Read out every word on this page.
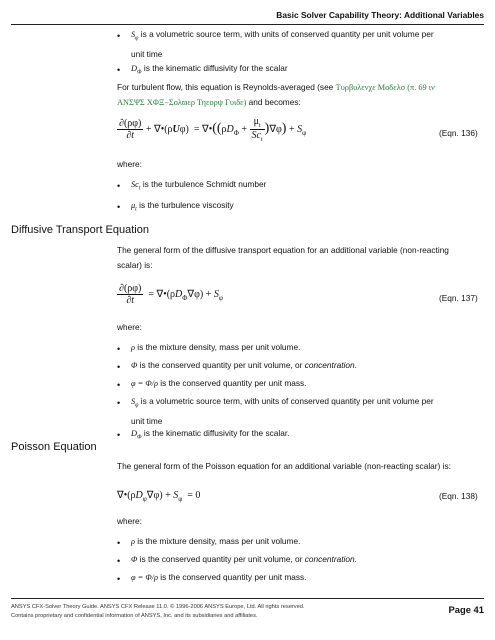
Basic Solver Capability Theory: Additional Variables
•	$S_\varphi$ is a volumetric source term, with units of conserved quantity per unit volume per
unit time
•	$D_\Phi$ is the kinematic diffusivity for the scalar
For turbulent flow, this equation is Reynolds-averaged (see Τυρβυλενχε Μοδελσ (π. 69 ιν
ΑΝΣΨΣ ΧΦΞ−Σολϖερ Τηεορψ Γυιδε) and becomes:
$\frac{\partial(\rho\varphi)}{\partial t}$ + ∇•(ρUφ)  = $\nabla•((\rho D_\Phi + \frac{\mu_t}{Sc_t} )\nabla\varphi) + S_\varphi$	(Eqn. 136)
where:
•	$Sc_t$ is the turbulence Schmidt number
•	$\mu_t$ is the turbulence viscosity
Diffusive Transport Equation
The general form of the diffusive transport equation for an additional variable (non-reacting
scalar) is:
$\frac{\partial(\rho\varphi)}{\partial t}$ = $\nabla•(\rho D_\Phi\nabla\varphi) + S_\varphi$	(Eqn. 137)
where:
•	ρ is the mixture density, mass per unit volume.
•	Φ is the conserved quantity per unit volume, or concentration.
•	φ = Φ/ρ is the conserved quantity per unit mass.
•	$S_\varphi$ is a volumetric source term, with units of conserved quantity per unit volume per
unit time
•	$D_\Phi$ is the kinematic diffusivity for the scalar.
Poisson Equation
The general form of the Poisson equation for an additional variable (non-reacting scalar) is:
$\nabla•(\rho D_\varphi\nabla\varphi) + S_\varphi = 0$	(Eqn. 138)
where:
•	ρ is the mixture density, mass per unit volume.
•	Φ is the conserved quantity per unit volume, or concentration.
•	φ = Φ/ρ is the conserved quantity per unit mass.
ANSYS CFX-Solver Theory Guide. ANSYS CFX Release 11.0. © 1996-2006 ANSYS Europe, Ltd. All rights reserved.
Contains proprietary and confidential information of ANSYS, Inc. and its subsidiaries and affiliates.
Page 41
